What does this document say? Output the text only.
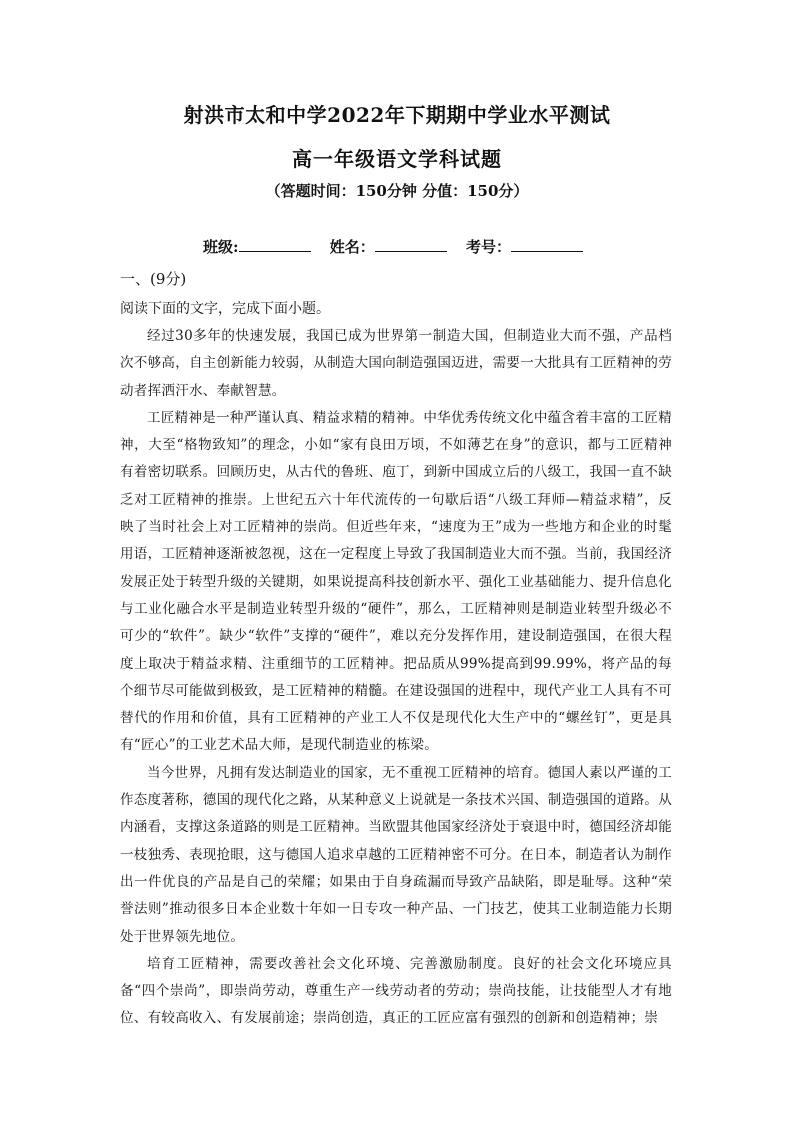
射洪市太和中学2022年下期期中学业水平测试
高一年级语文学科试题
（答题时间：150分钟 分值：150分）
班级:	姓名：	考号：
一、(9分)
阅读下面的文字，完成下面小题。

经过30多年的快速发展，我国已成为世界第一制造大国，但制造业大而不强，产品档次不够高，自主创新能力较弱，从制造大国向制造强国迈进，需要一大批具有工匠精神的劳动者挥洒汗水、奉献智慧。

工匠精神是一种严谨认真、精益求精的精神。中华优秀传统文化中蕴含着丰富的工匠精神，大至“格物致知”的理念，小如“家有良田万顷，不如薄艺在身”的意识，都与工匠精神有着密切联系。回顾历史，从古代的鲁班、庖丁，到新中国成立后的八级工，我国一直不缺乏对工匠精神的推崇。上世纪五六十年代流传的一句歇后语“八级工拜师—精益求精”，反映了当时社会上对工匠精神的崇尚。但近些年来，“速度为王”成为一些地方和企业的时髦用语，工匠精神逐渐被忽视，这在一定程度上导致了我国制造业大而不强。当前，我国经济发展正处于转型升级的关键期，如果说提高科技创新水平、强化工业基础能力、提升信息化与工业化融合水平是制造业转型升级的“硬件”，那么，工匠精神则是制造业转型升级必不可少的“软件”。缺少“软件”支撑的“硬件”，难以充分发挥作用，建设制造强国，在很大程度上取决于精益求精、注重细节的工匠精神。把品质从99%提高到99.99%，将产品的每个细节尽可能做到极致，是工匠精神的精髓。在建设强国的进程中，现代产业工人具有不可替代的作用和价值，具有工匠精神的产业工人不仅是现代化大生产中的“螺丝钉”，更是具有“匠心”的工业艺术品大师，是现代制造业的栋梁。

当今世界，凡拥有发达制造业的国家，无不重视工匠精神的培育。德国人素以严谨的工作态度著称，德国的现代化之路，从某种意义上说就是一条技术兴国、制造强国的道路。从内涵看，支撑这条道路的则是工匠精神。当欧盟其他国家经济处于衰退中时，德国经济却能一枝独秀、表现抢眼，这与德国人追求卓越的工匠精神密不可分。在日本，制造者认为制作出一件优良的产品是自己的荣耀；如果由于自身疏漏而导致产品缺陷，即是耻辱。这种“荣誉法则”推动很多日本企业数十年如一日专攻一种产品、一门技艺，使其工业制造能力长期处于世界领先地位。

培育工匠精神，需要改善社会文化环境、完善激励制度。良好的社会文化环境应具备“四个崇尚”，即崇尚劳动，尊重生产一线劳动者的劳动；崇尚技能，让技能型人才有地位、有较高收入、有发展前途；崇尚创造，真正的工匠应富有强烈的创新和创造精神；崇
